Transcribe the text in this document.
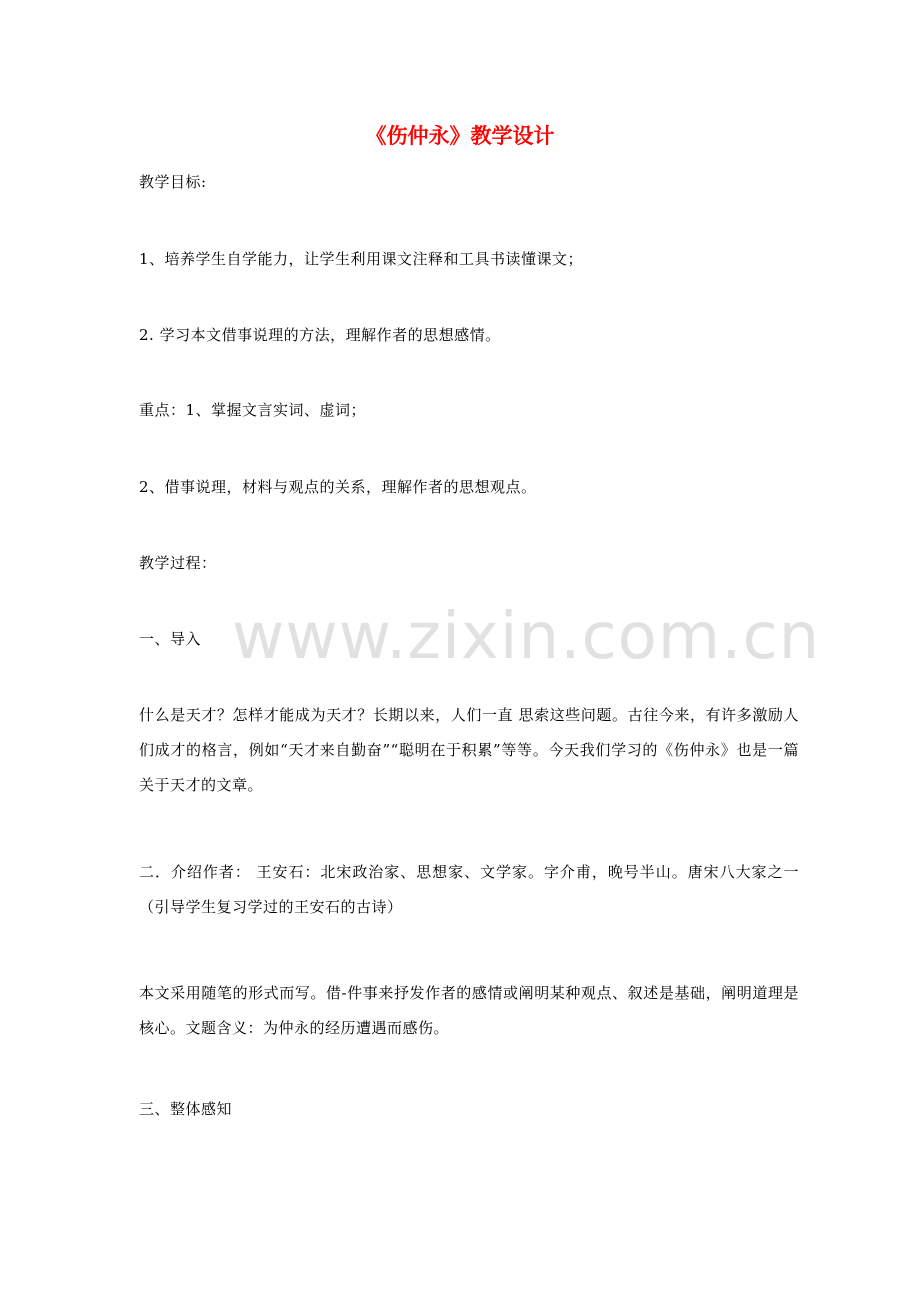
www.zixin.com.cn
《伤仲永》教学设计

教学目标:

1、培养学生自学能力，让学生利用课文注释和工具书读懂课文；

2. 学习本文借事说理的方法，理解作者的思想感情。

重点：1、掌握文言实词、虚词；

2、借事说理，材料与观点的关系，理解作者的思想观点。

教学过程：

一、导入

什么是天才？怎样才能成为天才？长期以来，人们一直 思索这些问题。古往今来，有许多激励人们成才的格言，例如“天才来自勤奋”“聪明在于积累”等等。今天我们学习的《伤仲永》也是一篇关于天才的文章。

二．介绍作者： 王安石：北宋政治家、思想家、文学家。字介甫，晚号半山。唐宋八大家之一（引导学生复习学过的王安石的古诗）

本文采用随笔的形式而写。借-件事来抒发作者的感情或阐明某种观点、叙述是基础，阐明道理是核心。文题含义：为仲永的经历遭遇而感伤。

三、整体感知
